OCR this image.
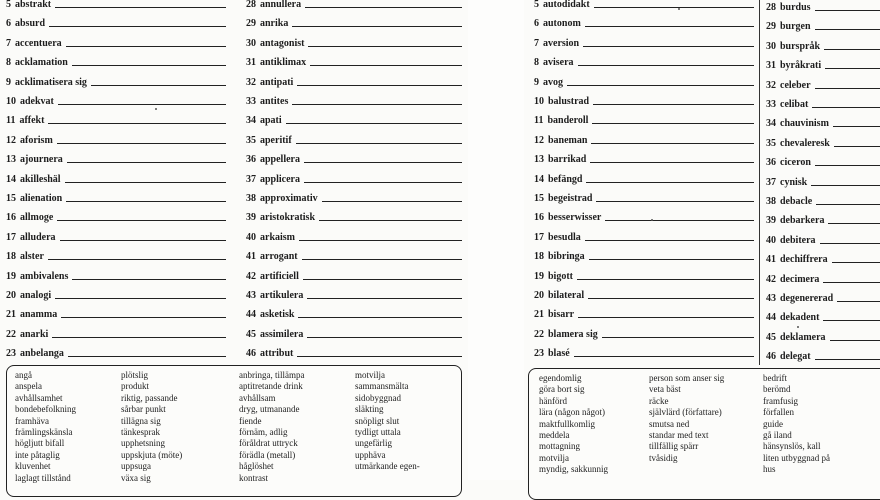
5 abstrakt
6 absurd
7 accentuera
8 acklamation
9 acklimatisera sig
10 adekvat
11 affekt
12 aforism
13 ajournera
14 akilleshäl
15 alienation
16 allmoge
17 alludera
18 alster
19 ambivalens
20 analogi
21 anamma
22 anarki
23 anbelanga
28 annullera
29 anrika
30 antagonist
31 antiklimax
32 antipati
33 antites
34 apati
35 aperitif
36 appellera
37 applicera
38 approximativ
39 aristokratisk
40 arkaism
41 arrogant
42 artificiell
43 artikulera
44 asketisk
45 assimilera
46 attribut
angå
anspela
avhållsamhet
bondebefolkning
framhäva
främlingskänsla
högljutt bifall
inte påtaglig
kluvenhet
laglagt tillstånd
plötslig
produkt
riktig, passande
sårbar punkt
tillägna sig
tänkesprak
upphetsning
uppskjuta (möte)
uppsuga
växa sig
anbringa, tillämpa
aptitretande drink
avhållsam
dryg, utmanande
fiende
förnäm, adlig
föråldrat uttryck
förädla (metall)
håglöshet
kontrast
motvilja
sammansmälta
sidobyggnad
släkting
snöpligt slut
tydligt uttala
ungefärlig
upphäva
utmärkande egen-
5 autodidakt
6 autonom
7 aversion
8 avisera
9 avog
10 balustrad
11 banderoll
12 baneman
13 barrikad
14 befängd
15 begeistrad
16 besserwisser
17 besudla
18 bibringa
19 bigott
20 bilateral
21 bisarr
22 blamera sig
23 blasé
28 burdus
29 burgen
30 burspråk
31 byråkrati
32 celeber
33 celibat
34 chauvinism
35 chevaleresk
36 ciceron
37 cynisk
38 debacle
39 debarkera
40 debitera
41 dechiffrera
42 decimera
43 degenererad
44 dekadent
45 deklamera
46 delegat
egendomlig
göra bort sig
hänförd
lära (någon något)
maktfullkomlig
meddela
mottagning
motvilja
myndig, sakkunnig
person som anser sig
veta bäst
räcke
självlärd (författare)
smutsa ned
standar med text
tillfällig spärr
tvåsidig
bedrift
berömd
framfusig
förfallen
guide
gå iland
hänsynslös, kall
liten utbyggnad på
hus
